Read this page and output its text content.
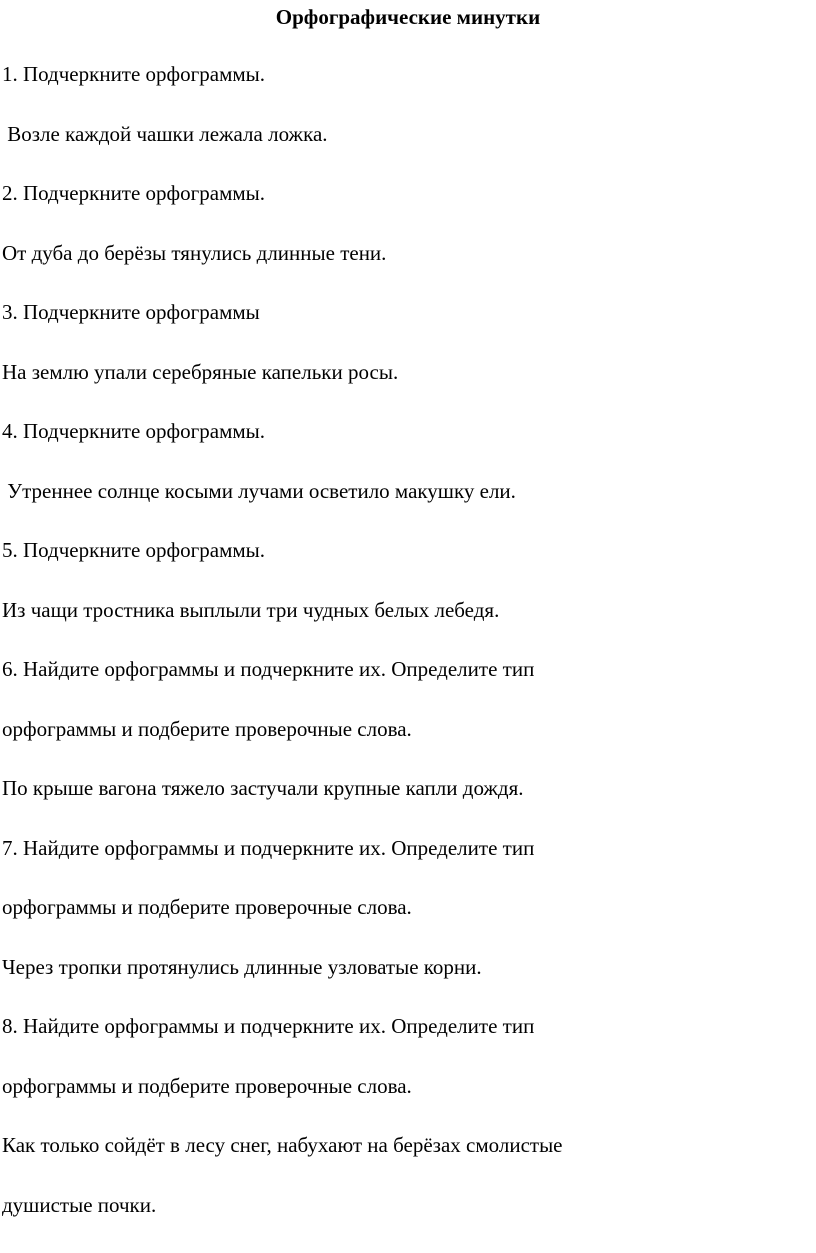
Орфографические минутки
1. Подчеркните орфограммы.
Возле каждой чашки лежала ложка.
2. Подчеркните орфограммы.
От дуба до берёзы тянулись длинные тени.
3. Подчеркните орфограммы
На землю упали серебряные капельки росы.
4. Подчеркните орфограммы.
Утреннее солнце косыми лучами осветило макушку ели.
5. Подчеркните орфограммы.
Из чащи тростника выплыли три чудных белых лебедя.
6. Найдите орфограммы и подчеркните их. Определите тип
орфограммы и подберите проверочные слова.
По крыше вагона тяжело застучали крупные капли дождя.
7. Найдите орфограммы и подчеркните их. Определите тип
орфограммы и подберите проверочные слова.
Через тропки протянулись длинные узловатые корни.
8. Найдите орфограммы и подчеркните их. Определите тип
орфограммы и подберите проверочные слова.
Как только сойдёт в лесу снег, набухают на берёзах смолистые
душистые почки.
